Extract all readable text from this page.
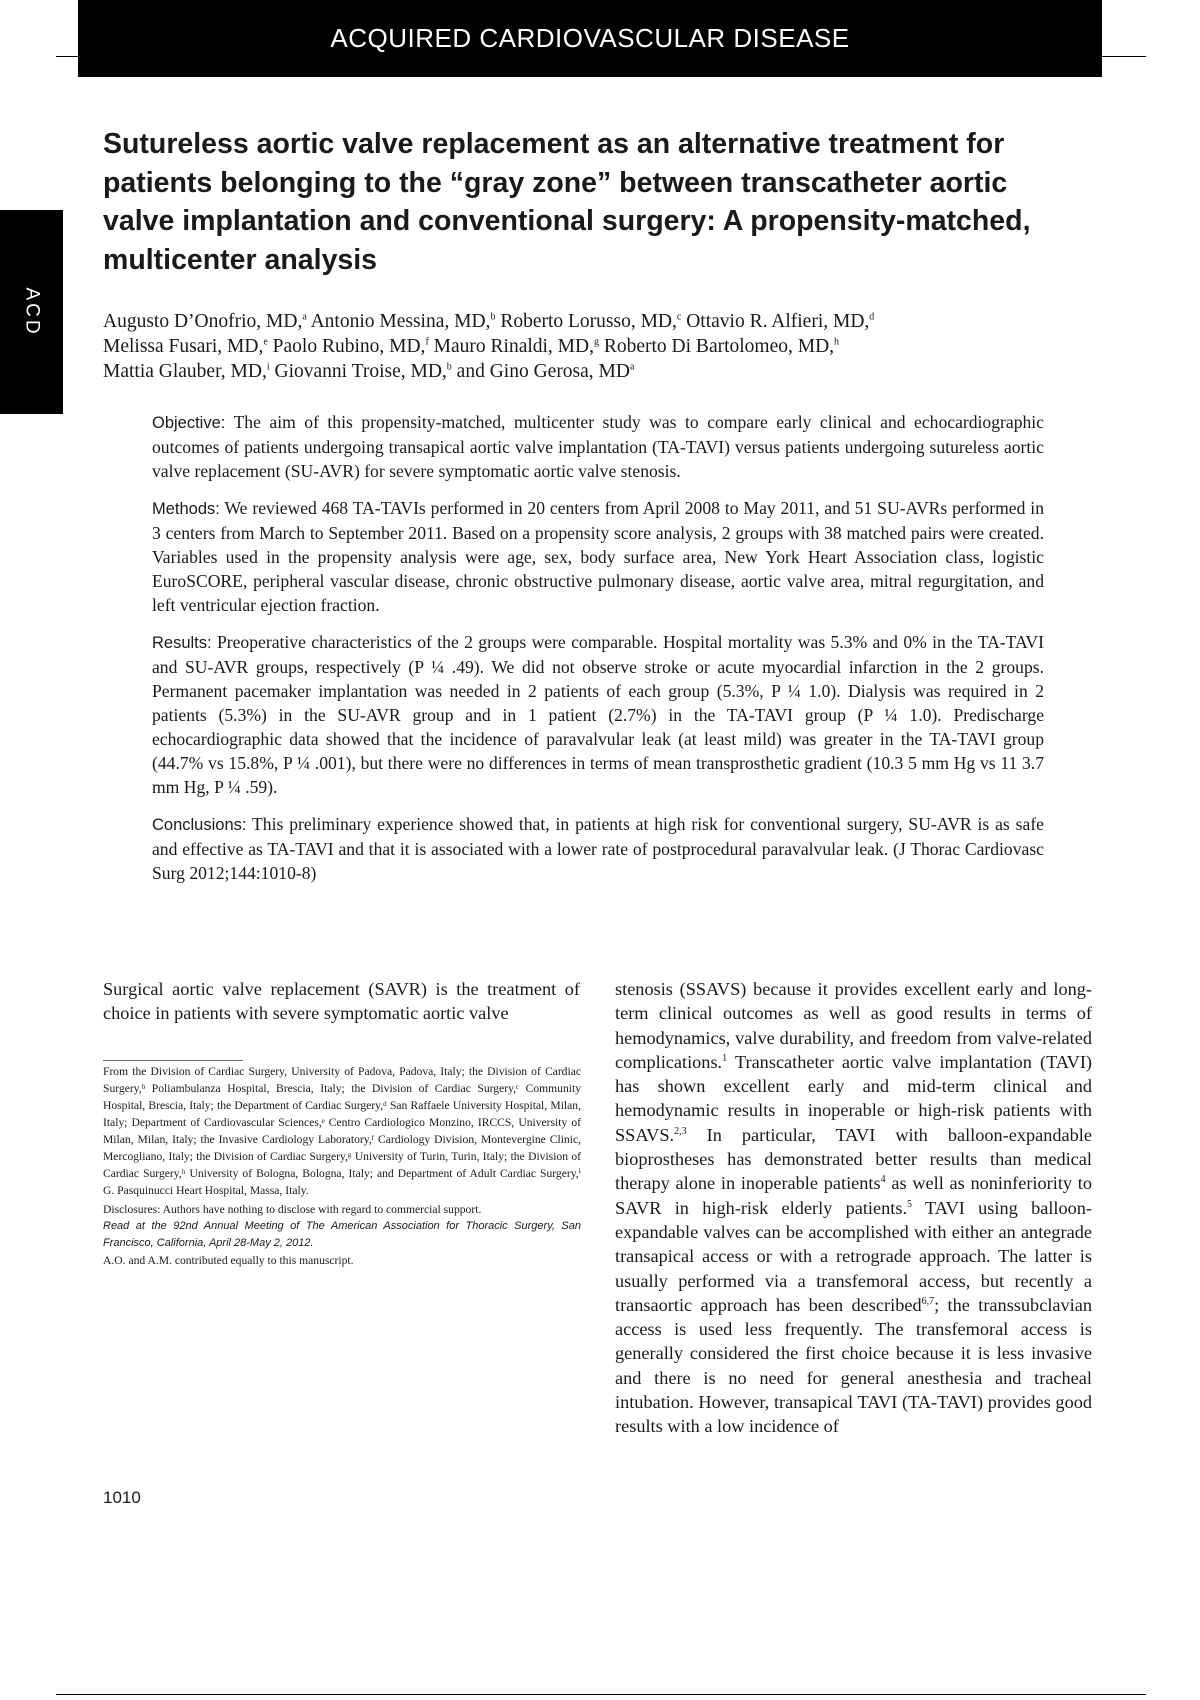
ACQUIRED CARDIOVASCULAR DISEASE
ACD
Sutureless aortic valve replacement as an alternative treatment for patients belonging to the “gray zone” between transcatheter aortic valve implantation and conventional surgery: A propensity-matched, multicenter analysis
Augusto D’Onofrio, MD,$^a$ Antonio Messina, MD,$^b$ Roberto Lorusso, MD,$^c$ Ottavio R. Alfieri, MD,$^d$
Melissa Fusari, MD,$^e$ Paolo Rubino, MD,$^f$ Mauro Rinaldi, MD,$^g$ Roberto Di Bartolomeo, MD,$^h$
Mattia Glauber, MD,$^i$ Giovanni Troise, MD,$^b$ and Gino Gerosa, $MD^a$

Objective: The aim of this propensity-matched, multicenter study was to compare early clinical and echocardiographic outcomes of patients undergoing transapical aortic valve implantation (TA-TAVI) versus patients undergoing sutureless aortic valve replacement (SU-AVR) for severe symptomatic aortic valve stenosis.

Methods: We reviewed 468 TA-TAVIs performed in 20 centers from April 2008 to May 2011, and 51 SU-AVRs performed in 3 centers from March to September 2011. Based on a propensity score analysis, 2 groups with 38 matched pairs were created. Variables used in the propensity analysis were age, sex, body surface area, New York Heart Association class, logistic EuroSCORE, peripheral vascular disease, chronic obstructive pulmonary disease, aortic valve area, mitral regurgitation, and left ventricular ejection fraction.

Results: Preoperative characteristics of the 2 groups were comparable. Hospital mortality was 5.3% and 0% in the TA-TAVI and SU-AVR groups, respectively (P ¼ .49). We did not observe stroke or acute myocardial infarction in the 2 groups. Permanent pacemaker implantation was needed in 2 patients of each group (5.3%, P ¼ 1.0). Dialysis was required in 2 patients (5.3%) in the SU-AVR group and in 1 patient (2.7%) in the TA-TAVI group (P ¼ 1.0). Predischarge echocardiographic data showed that the incidence of paravalvular leak (at least mild) was greater in the TA-TAVI group (44.7% vs 15.8%, P ¼ .001), but there were no differences in terms of mean transprosthetic gradient (10.3 5 mm Hg vs 11 3.7 mm Hg, P ¼ .59).

Conclusions: This preliminary experience showed that, in patients at high risk for conventional surgery, SU-AVR is as safe and effective as TA-TAVI and that it is associated with a lower rate of postprocedural paravalvular leak. (J Thorac Cardiovasc Surg 2012;144:1010-8)

Surgical aortic valve replacement (SAVR) is the treatment of choice in patients with severe symptomatic aortic valve

From the Division of Cardiac Surgery, University of Padova, Padova, Italy; the Division of Cardiac Surgery,ᵇ Poliambulanza Hospital, Brescia, Italy; the Division of Cardiac Surgery,ᶜ Community Hospital, Brescia, Italy; the Department of Cardiac Surgery,ᵈ San Raffaele University Hospital, Milan, Italy; Department of Cardiovascular Sciences,ᵉ Centro Cardiologico Monzino, IRCCS, University of Milan, Milan, Italy; the Invasive Cardiology Laboratory,ᶠ Cardiology Division, Montevergine Clinic, Mercogliano, Italy; the Division of Cardiac Surgery,ᵍ University of Turin, Turin, Italy; the Division of Cardiac Surgery,ʰ University of Bologna, Bologna, Italy; and Department of Adult Cardiac Surgery,ⁱ G. Pasquinucci Heart Hospital, Massa, Italy.

Disclosures: Authors have nothing to disclose with regard to commercial support.

Read at the 92nd Annual Meeting of The American Association for Thoracic Surgery, San Francisco, California, April 28-May 2, 2012.

A.O. and A.M. contributed equally to this manuscript.

stenosis (SSAVS) because it provides excellent early and long-term clinical outcomes as well as good results in terms of hemodynamics, valve durability, and freedom from valve-related complications.$^1$ Transcatheter aortic valve implantation (TAVI) has shown excellent early and mid-term clinical and hemodynamic results in inoperable or high-risk patients with SSAVS.$^{2,3}$ In particular, TAVI with balloon-expandable bioprostheses has demonstrated better results than medical therapy alone in inoperable patients$^4$ as well as noninferiority to SAVR in high-risk elderly patients.$^5$ TAVI using balloon-expandable valves can be accomplished with either an antegrade transapical access or with a retrograde approach. The latter is usually performed via a transfemoral access, but recently a transaortic approach has been described$^{6,7}$; the transsubclavian access is used less frequently. The transfemoral access is generally considered the first choice because it is less invasive and there is no need for general anesthesia and tracheal intubation. However, transapical TAVI (TA-TAVI) provides good results with a low incidence of

1010
